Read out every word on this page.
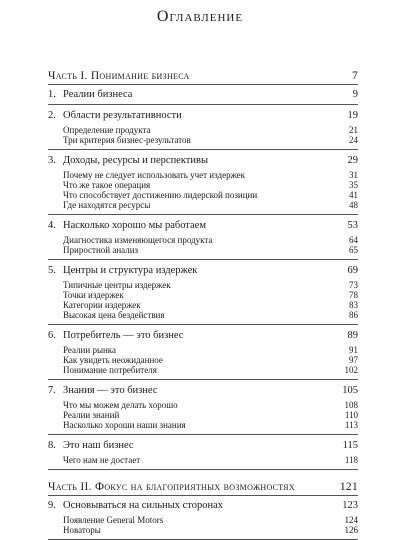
Оглавление
Часть I. Понимание бизнеса	7
1. Реалии бизнеса	9
2. Области результативности	19
Определение продукта	21
Три критерия бизнес-результатов	24
3. Доходы, ресурсы и перспективы	29
Почему не следует использовать учет издержек	31
Что же такое операция	35
Что способствует достижению лидерской позиции	41
Где находятся ресурсы	48
4. Насколько хорошо мы работаем	53
Диагностика изменяющегося продукта	64
Приростной анализ	65
5. Центры и структура издержек	69
Типичные центры издержек	73
Точки издержек	78
Категории издержек	83
Высокая цена бездействия	86
6. Потребитель — это бизнес	89
Реалии рынка	91
Как увидеть неожиданное	97
Понимание потребителя	102
7. Знания — это бизнес	105
Что мы можем делать хорошо	108
Реалии знаний	110
Насколько хороши наши знания	113
8. Это наш бизнес	115
Чего нам не достает	118
Часть II. Фокус на благоприятных возможностях	121
9. Основываться на сильных сторонах	123
Появление General Motors	124
Новаторы	126
